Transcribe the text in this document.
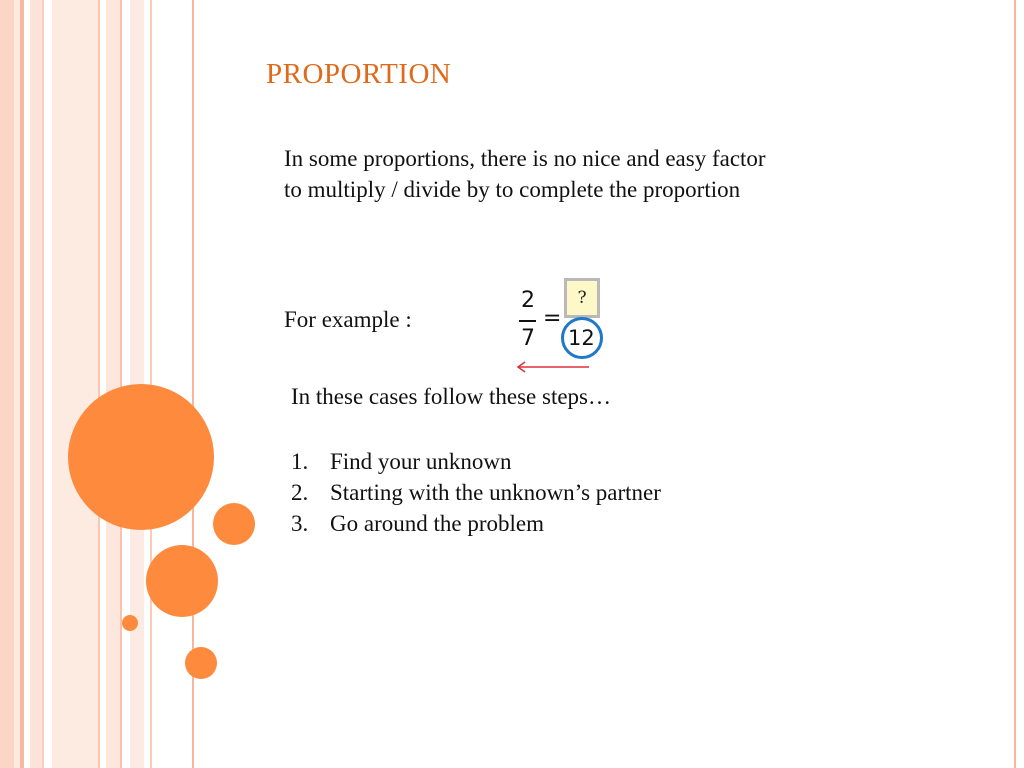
PROPORTION
In some proportions, there is no nice and easy factor to multiply / divide by to complete the proportion
For example :
2
7
=
?
12
In these cases follow these steps…
1. Find your unknown
2. Starting with the unknown’s partner
3. Go around the problem
